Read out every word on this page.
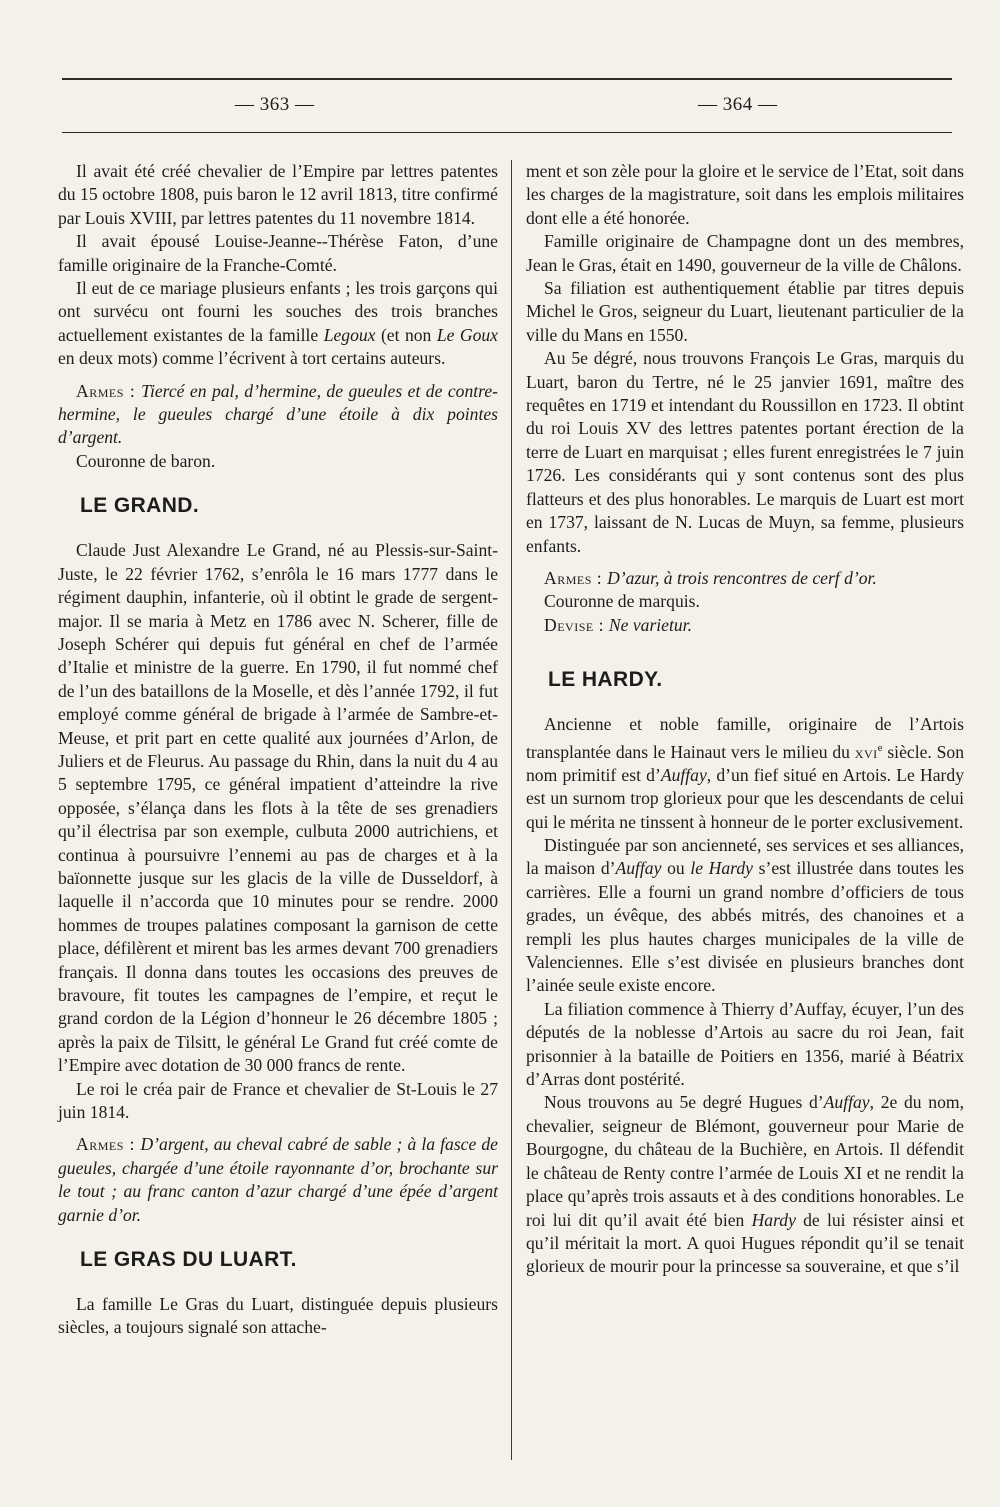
— 363 —	— 364 —

Il avait été créé chevalier de l’Empire par lettres patentes du 15 octobre 1808, puis baron le 12 avril 1813, titre confirmé par Louis XVIII, par lettres patentes du 11 novembre 1814.

Il avait épousé Louise-Jeanne--Thérèse Faton, d’une famille originaire de la Franche-Comté.

Il eut de ce mariage plusieurs enfants ; les trois garçons qui ont survécu ont fourni les souches des trois branches actuellement existantes de la famille Legoux (et non Le Goux en deux mots) comme l’écrivent à tort certains auteurs.

Armes : Tiercé en pal, d’hermine, de gueules et de contre-hermine, le gueules chargé d’une étoile à dix pointes d’argent.

Couronne de baron.

LE GRAND.

Claude Just Alexandre Le Grand, né au Plessis-sur-Saint-Juste, le 22 février 1762, s’enrôla le 16 mars 1777 dans le régiment dauphin, infanterie, où il obtint le grade de sergent-major. Il se maria à Metz en 1786 avec N. Scherer, fille de Joseph Schérer qui depuis fut général en chef de l’armée d’Italie et ministre de la guerre. En 1790, il fut nommé chef de l’un des bataillons de la Moselle, et dès l’année 1792, il fut employé comme général de brigade à l’armée de Sambre-et-Meuse, et prit part en cette qualité aux journées d’Arlon, de Juliers et de Fleurus. Au passage du Rhin, dans la nuit du 4 au 5 septembre 1795, ce général impatient d’atteindre la rive opposée, s’élança dans les flots à la tête de ses grenadiers qu’il électrisa par son exemple, culbuta 2000 autrichiens, et continua à poursuivre l’ennemi au pas de charges et à la baïonnette jusque sur les glacis de la ville de Dusseldorf, à laquelle il n’accorda que 10 minutes pour se rendre. 2000 hommes de troupes palatines composant la garnison de cette place, défilèrent et mirent bas les armes devant 700 grenadiers français. Il donna dans toutes les occasions des preuves de bravoure, fit toutes les campagnes de l’empire, et reçut le grand cordon de la Légion d’honneur le 26 décembre 1805 ; après la paix de Tilsitt, le général Le Grand fut créé comte de l’Empire avec dotation de 30 000 francs de rente.

Le roi le créa pair de France et chevalier de St-Louis le 27 juin 1814.

Armes : D’argent, au cheval cabré de sable ; à la fasce de gueules, chargée d’une étoile rayonnante d’or, brochante sur le tout ; au franc canton d’azur chargé d’une épée d’argent garnie d’or.

LE GRAS DU LUART.

La famille Le Gras du Luart, distinguée depuis plusieurs siècles, a toujours signalé son attache-

ment et son zèle pour la gloire et le service de l’Etat, soit dans les charges de la magistrature, soit dans les emplois militaires dont elle a été honorée.

Famille originaire de Champagne dont un des membres, Jean le Gras, était en 1490, gouverneur de la ville de Châlons.

Sa filiation est authentiquement établie par titres depuis Michel le Gros, seigneur du Luart, lieutenant particulier de la ville du Mans en 1550.

Au 5e dégré, nous trouvons François Le Gras, marquis du Luart, baron du Tertre, né le 25 janvier 1691, maître des requêtes en 1719 et intendant du Roussillon en 1723. Il obtint du roi Louis XV des lettres patentes portant érection de la terre de Luart en marquisat ; elles furent enregistrées le 7 juin 1726. Les considérants qui y sont contenus sont des plus flatteurs et des plus honorables. Le marquis de Luart est mort en 1737, laissant de N. Lucas de Muyn, sa femme, plusieurs enfants.

Armes : D’azur, à trois rencontres de cerf d’or.

Couronne de marquis.

Devise : Ne varietur.

LE HARDY.

Ancienne et noble famille, originaire de l’Artois transplantée dans le Hainaut vers le milieu du xvi$^e$ siècle. Son nom primitif est d’Auffay, d’un fief situé en Artois. Le Hardy est un surnom trop glorieux pour que les descendants de celui qui le mérita ne tinssent à honneur de le porter exclusivement.

Distinguée par son ancienneté, ses services et ses alliances, la maison d’Auffay ou le Hardy s’est illustrée dans toutes les carrières. Elle a fourni un grand nombre d’officiers de tous grades, un évêque, des abbés mitrés, des chanoines et a rempli les plus hautes charges municipales de la ville de Valenciennes. Elle s’est divisée en plusieurs branches dont l’ainée seule existe encore.

La filiation commence à Thierry d’Auffay, écuyer, l’un des députés de la noblesse d’Artois au sacre du roi Jean, fait prisonnier à la bataille de Poitiers en 1356, marié à Béatrix d’Arras dont postérité.

Nous trouvons au 5e degré Hugues d’Auffay, 2e du nom, chevalier, seigneur de Blémont, gouverneur pour Marie de Bourgogne, du château de la Buchière, en Artois. Il défendit le château de Renty contre l’armée de Louis XI et ne rendit la place qu’après trois assauts et à des conditions honorables. Le roi lui dit qu’il avait été bien Hardy de lui résister ainsi et qu’il méritait la mort. A quoi Hugues répondit qu’il se tenait glorieux de mourir pour la princesse sa souveraine, et que s’il
